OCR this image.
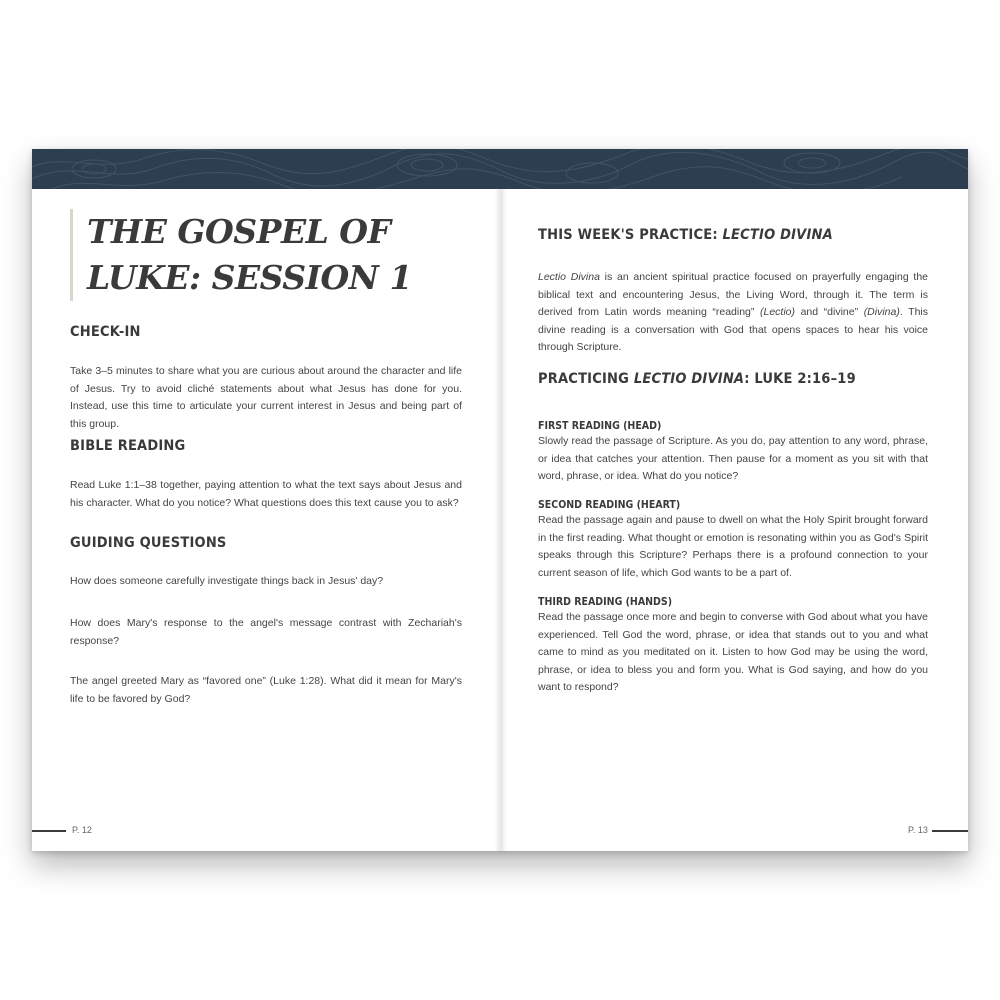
THE GOSPEL OF

LUKE: SESSION 1

CHECK-IN

Take 3–5 minutes to share what you are curious about around the character and life of Jesus. Try to avoid cliché statements about what Jesus has done for you. Instead, use this time to articulate your current interest in Jesus and being part of this group.

BIBLE READING

Read Luke 1:1–38 together, paying attention to what the text says about Jesus and his character. What do you notice? What questions does this text cause you to ask?

GUIDING QUESTIONS

How does someone carefully investigate things back in Jesus' day?

How does Mary's response to the angel's message contrast with Zechariah's response?

The angel greeted Mary as “favored one” (Luke 1:28). What did it mean for Mary's life to be favored by God?

P. 12

THIS WEEK'S PRACTICE: LECTIO DIVINA

Lectio Divina is an ancient spiritual practice focused on prayerfully engaging the biblical text and encountering Jesus, the Living Word, through it. The term is derived from Latin words meaning “reading” (Lectio) and “divine” (Divina). This divine reading is a conversation with God that opens spaces to hear his voice through Scripture.

PRACTICING LECTIO DIVINA: LUKE 2:16–19

FIRST READING (HEAD)

Slowly read the passage of Scripture. As you do, pay attention to any word, phrase, or idea that catches your attention. Then pause for a moment as you sit with that word, phrase, or idea. What do you notice?

SECOND READING (HEART)

Read the passage again and pause to dwell on what the Holy Spirit brought forward in the first reading. What thought or emotion is resonating within you as God's Spirit speaks through this Scripture? Perhaps there is a profound connection to your current season of life, which God wants to be a part of.

THIRD READING (HANDS)

Read the passage once more and begin to converse with God about what you have experienced. Tell God the word, phrase, or idea that stands out to you and what came to mind as you meditated on it. Listen to how God may be using the word, phrase, or idea to bless you and form you. What is God saying, and how do you want to respond?

P. 13
